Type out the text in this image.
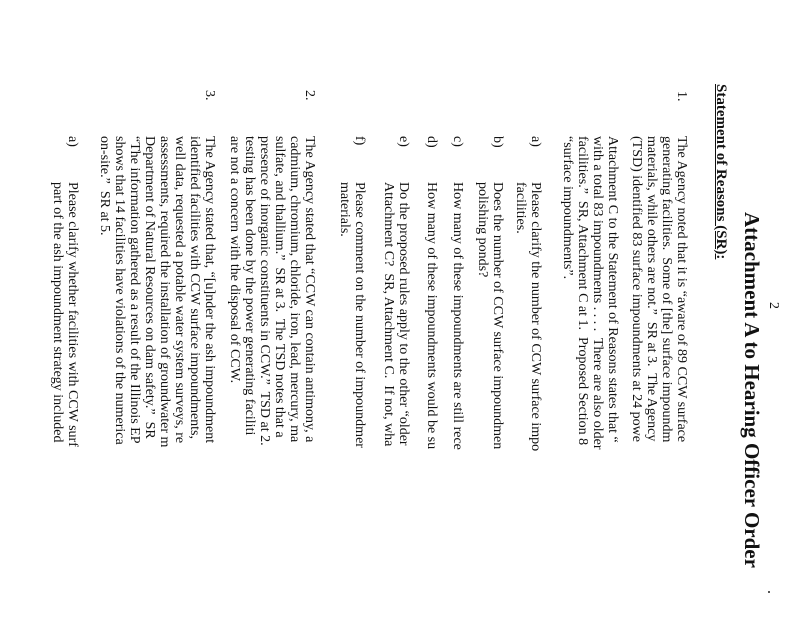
2
Attachment A to Hearing Officer Order
Statement of Reasons (SR):
1.
The Agency noted that it is “aware of 89 CCW surface
generating facilities.  Some of [the] surface impoundm
materials, while others are not.”  SR at 3.  The Agency
(TSD) identified 83 surface impoundments at 24 powe
Attachment C to the Statement of Reasons states that “
with a total 83 impoundments . . . .  There are also older
facilities.”  SR, Attachment C at 1.  Proposed Section 8
“surface impoundments”.
a)
Please clarify the number of CCW surface impo
facilities.
b)
Does the number of CCW surface impoundmen
polishing ponds?
c)
How many of these impoundments are still rece
d)
How many of these impoundments would be su
e)
Do the proposed rules apply to the other “older
Attachment C?  SR, Attachment C.  If not, wha
f)
Please comment on the number of impoundmer
materials.
2.
The Agency stated that “CCW can contain antimony, a
cadmium, chromium, chloride, iron, lead, mercury, ma
sulfate, and thallium.”  SR at 3.  The TSD notes that a
presence of inorganic constituents in CCW.”  TSD at 2.
testing has been done by the power generating faciliti
are not a concern with the disposal of CCW.
3.
The Agency stated that, “[u]nder the ash impoundment
identified facilities with CCW surface impoundments,
well data, requested a potable water system surveys, re
assessments, required the installation of groundwater m
Department of Natural Resources on dam safety.”  SR
“The information gathered as a result of the Illinois EP
shows that 14 facilities have violations of the numerica
on-site.”  SR at 5.
a)
Please clarify whether facilities with CCW surf
part of the ash impoundment strategy included
